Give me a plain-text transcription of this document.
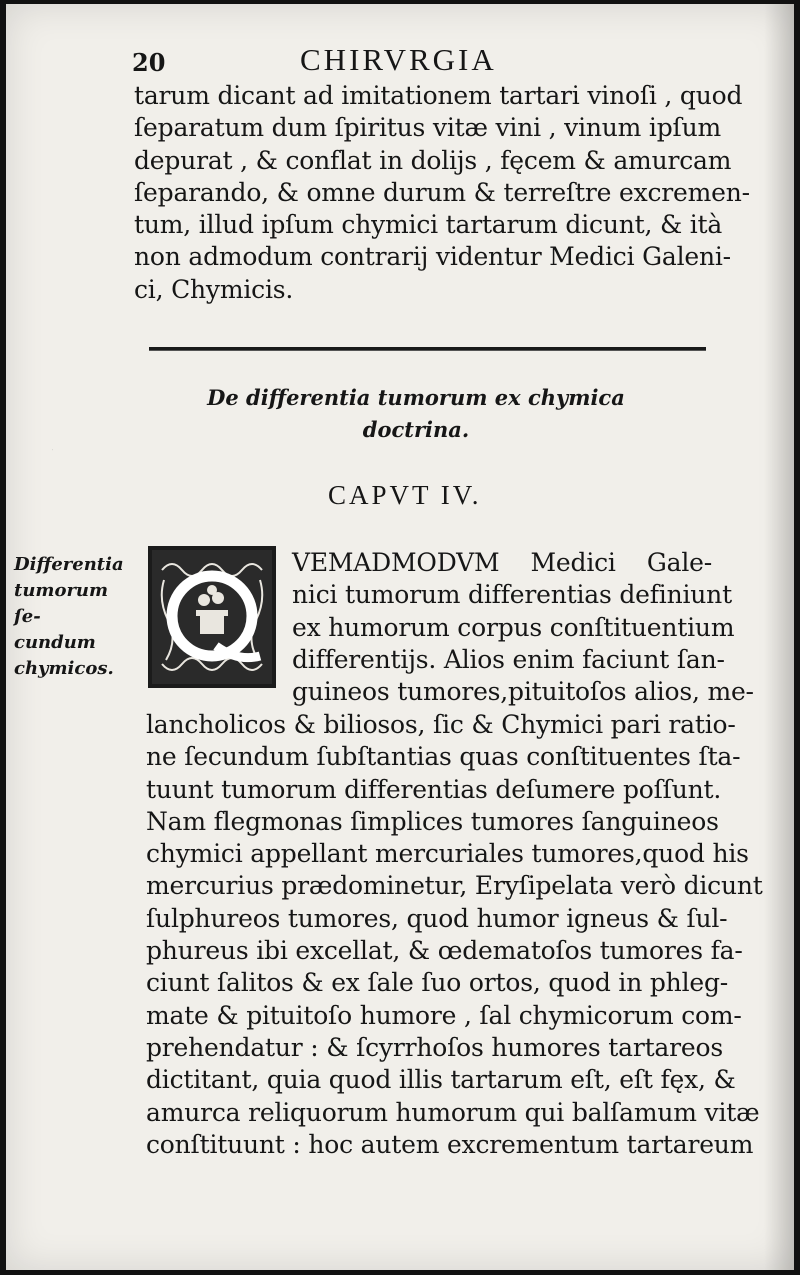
20	CHIRVRGIA
tarum dicant ad imitationem tartari vinoſi , quod
ſeparatum dum ſpiritus vitæ vini , vinum ipſum
depurat , & conflat in dolijs , fęcem & amurcam
ſeparando, & omne durum & terreſtre excremen-
tum, illud ipſum chymici tartarum dicunt, & ità
non admodum contrarij videntur Medici Galeni-
ci, Chymicis.
De differentia tumorum ex chymica
doctrina.
CAPVT IV.
Differentia
tumorum ſe-
cundum
chymicos.
Q
VEMADMODVM Medici Gale-
nici tumorum differentias definiunt
ex humorum corpus conſtituentium
differentijs. Alios enim faciunt ſan-
guineos tumores,pituitoſos alios, me-
lancholicos & biliosos, ſic & Chymici pari ratio-
ne ſecundum ſubſtantias quas conſtituentes ſta-
tuunt tumorum differentias deſumere poſſunt.
Nam flegmonas ſimplices tumores ſanguineos
chymici appellant mercuriales tumores,quod his
mercurius prædominetur, Eryſipelata verò dicunt
ſulphureos tumores, quod humor igneus & ſul-
phureus ibi excellat, & œdematoſos tumores fa-
ciunt ſalitos & ex ſale ſuo ortos, quod in phleg-
mate & pituitoſo humore , ſal chymicorum com-
prehendatur : & ſcyrrhoſos humores tartareos
dictitant, quia quod illis tartarum eſt, eſt fęx, &
amurca reliquorum humorum qui balſamum vitæ
conſtituunt : hoc autem excrementum tartareum
